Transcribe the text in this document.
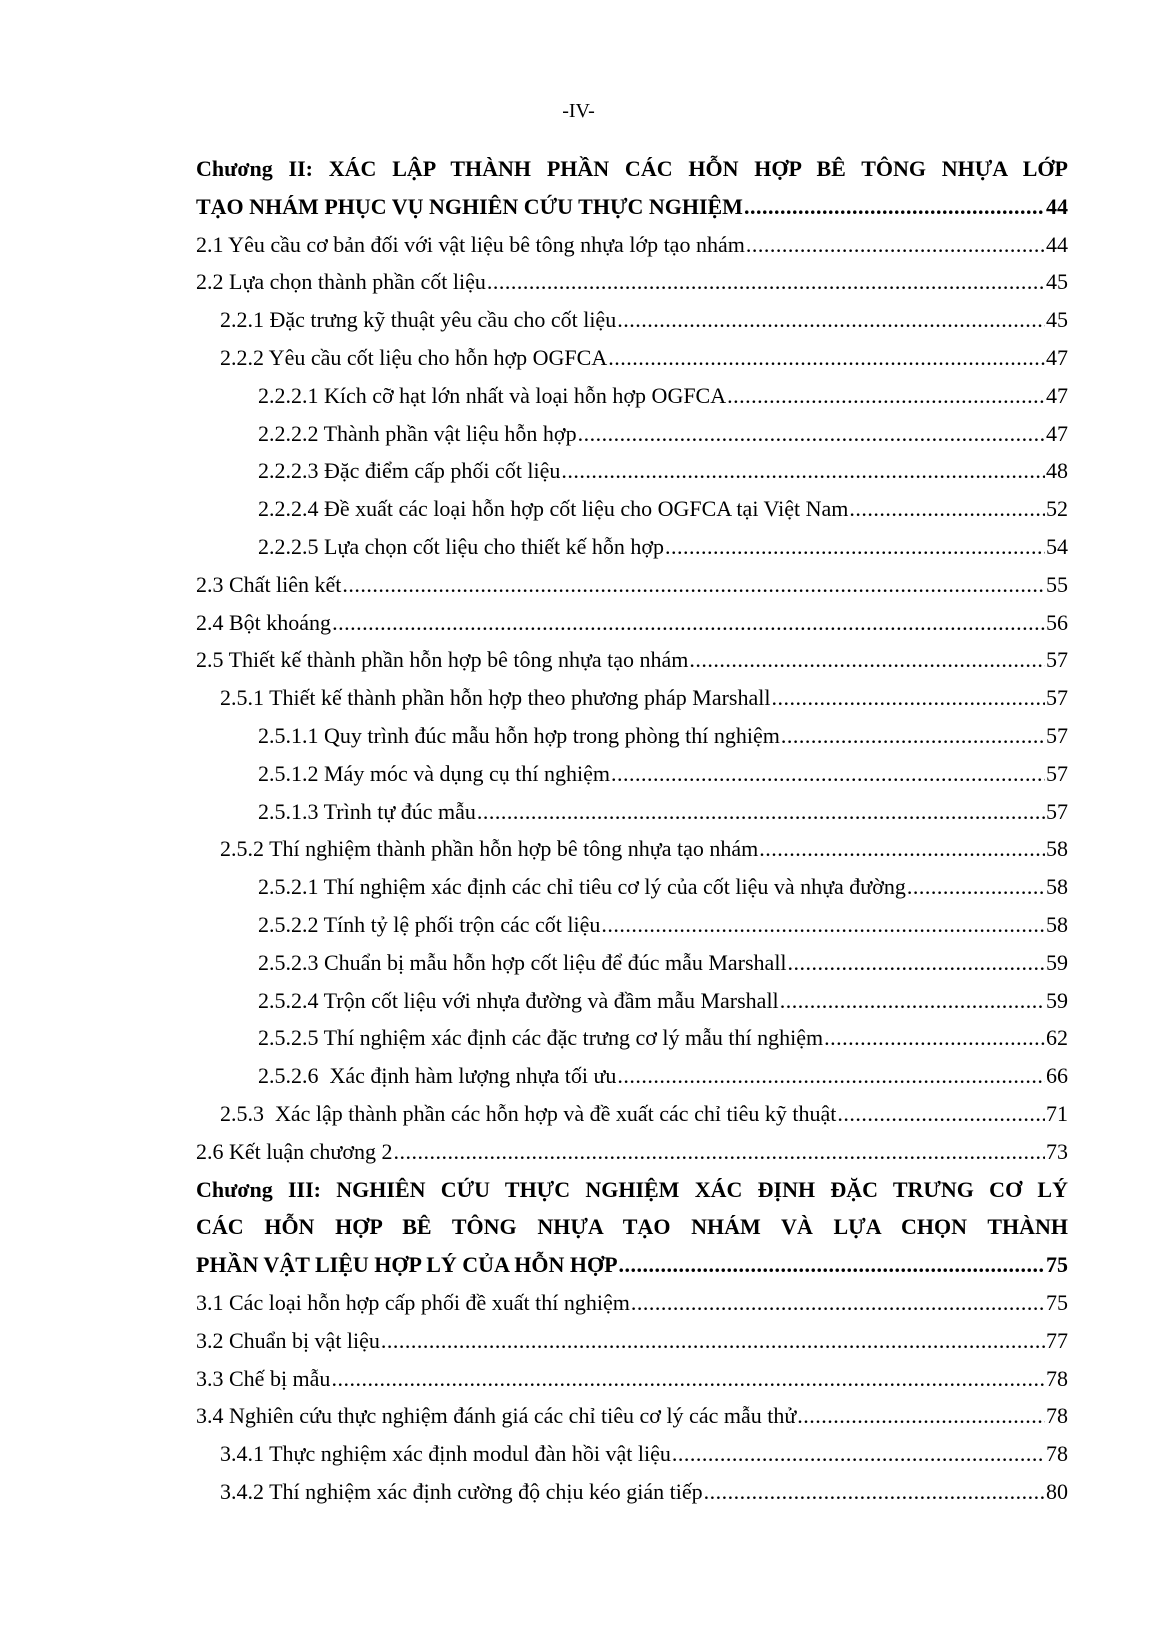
-IV-
Chương II: XÁC LẬP THÀNH PHẦN CÁC HỖN HỢP BÊ TÔNG NHỰA LỚP
TẠO NHÁM PHỤC VỤ NGHIÊN CỨU THỰC NGHIỆM .....	44
2.1 Yêu cầu cơ bản đối với vật liệu bê tông nhựa lớp tạo nhám .....	44
2.2 Lựa chọn thành phần cốt liệu .....	45
2.2.1 Đặc trưng kỹ thuật yêu cầu cho cốt liệu .....	45
2.2.2 Yêu cầu cốt liệu cho hỗn hợp OGFCA .....	47
2.2.2.1 Kích cỡ hạt lớn nhất và loại hỗn hợp OGFCA .....	47
2.2.2.2 Thành phần vật liệu hỗn hợp .....	47
2.2.2.3 Đặc điểm cấp phối cốt liệu .....	48
2.2.2.4 Đề xuất các loại hỗn hợp cốt liệu cho OGFCA tại Việt Nam .....	52
2.2.2.5 Lựa chọn cốt liệu cho thiết kế hỗn hợp .....	54
2.3 Chất liên kết .....	55
2.4 Bột khoáng .....	56
2.5 Thiết kế thành phần hỗn hợp bê tông nhựa tạo nhám .....	57
2.5.1 Thiết kế thành phần hỗn hợp theo phương pháp Marshall .....	57
2.5.1.1 Quy trình đúc mẫu hỗn hợp trong phòng thí nghiệm .....	57
2.5.1.2 Máy móc và dụng cụ thí nghiệm .....	57
2.5.1.3 Trình tự đúc mẫu .....	57
2.5.2 Thí nghiệm thành phần hỗn hợp bê tông nhựa tạo nhám .....	58
2.5.2.1 Thí nghiệm xác định các chỉ tiêu cơ lý của cốt liệu và nhựa đường .....	58
2.5.2.2 Tính tỷ lệ phối trộn các cốt liệu .....	58
2.5.2.3 Chuẩn bị mẫu hỗn hợp cốt liệu để đúc mẫu Marshall .....	59
2.5.2.4 Trộn cốt liệu với nhựa đường và đầm mẫu Marshall .....	59
2.5.2.5 Thí nghiệm xác định các đặc trưng cơ lý mẫu thí nghiệm .....	62
2.5.2.6  Xác định hàm lượng nhựa tối ưu .....	66
2.5.3  Xác lập thành phần các hỗn hợp và đề xuất các chỉ tiêu kỹ thuật .....	71
2.6 Kết luận chương 2 .....	73
Chương III: NGHIÊN CỨU THỰC NGHIỆM XÁC ĐỊNH ĐẶC TRƯNG CƠ LÝ
CÁC HỖN HỢP BÊ TÔNG NHỰA TẠO NHÁM VÀ LỰA CHỌN THÀNH
PHẦN VẬT LIỆU HỢP LÝ CỦA HỖN HỢP .....	75
3.1 Các loại hỗn hợp cấp phối đề xuất thí nghiệm .....	75
3.2 Chuẩn bị vật liệu .....	77
3.3 Chế bị mẫu .....	78
3.4 Nghiên cứu thực nghiệm đánh giá các chỉ tiêu cơ lý các mẫu thử .....	78
3.4.1 Thực nghiệm xác định modul đàn hồi vật liệu .....	78
3.4.2 Thí nghiệm xác định cường độ chịu kéo gián tiếp .....	80
